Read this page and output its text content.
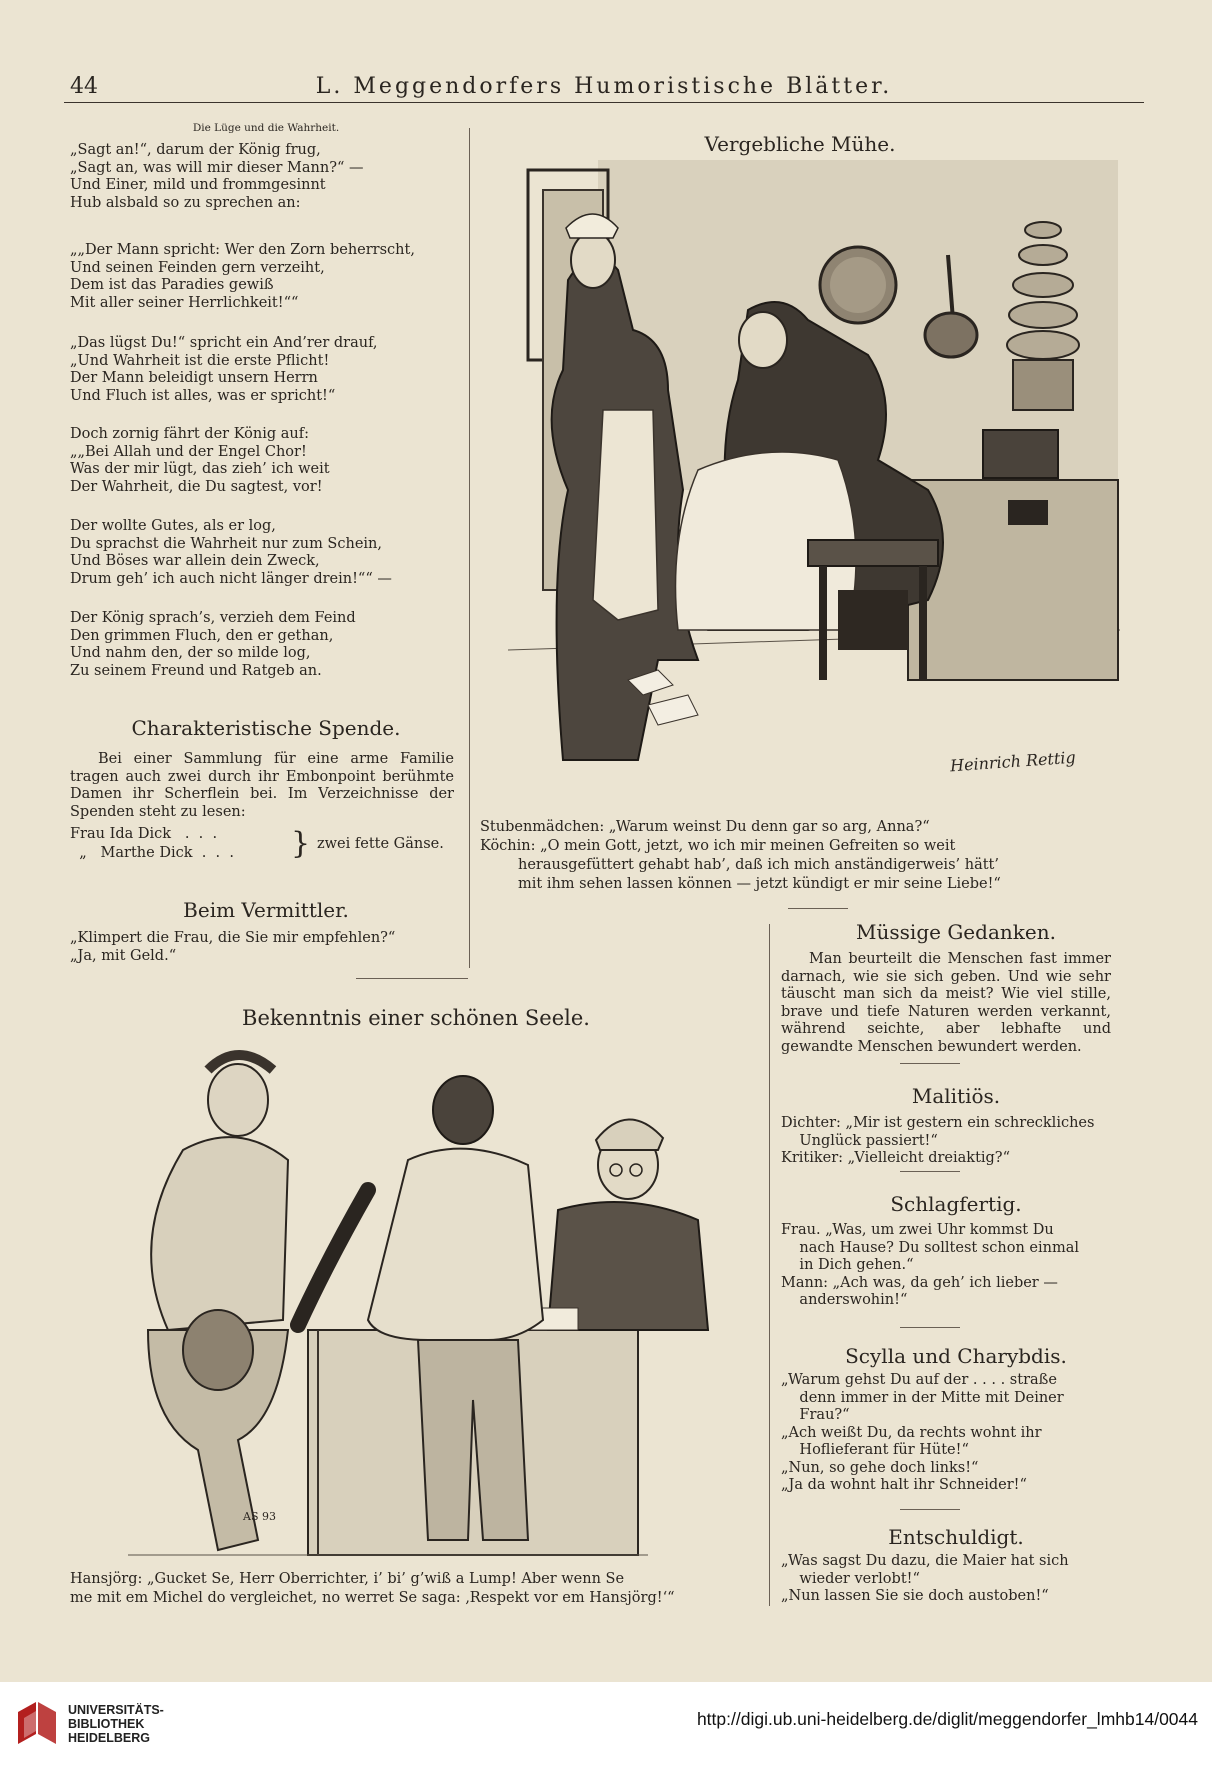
44	L. Meggendorfers Humoristische Blätter.
Die Lüge und die Wahrheit.
„Sagt an!“, darum der König frug,
„Sagt an, was will mir dieser Mann?“ —
Und Einer, mild und frommgesinnt
Hub alsbald so zu sprechen an:
„„Der Mann spricht: Wer den Zorn beherrscht,
Und seinen Feinden gern verzeiht,
Dem ist das Paradies gewiß
Mit aller seiner Herrlichkeit!““
„Das lügst Du!“ spricht ein And’rer drauf,
„Und Wahrheit ist die erste Pflicht!
Der Mann beleidigt unsern Herrn
Und Fluch ist alles, was er spricht!“
Doch zornig fährt der König auf:
„„Bei Allah und der Engel Chor!
Was der mir lügt, das zieh’ ich weit
Der Wahrheit, die Du sagtest, vor!
Der wollte Gutes, als er log,
Du sprachst die Wahrheit nur zum Schein,
Und Böses war allein dein Zweck,
Drum geh’ ich auch nicht länger drein!““ —
Der König sprach’s, verzieh dem Feind
Den grimmen Fluch, den er gethan,
Und nahm den, der so milde log,
Zu seinem Freund und Ratgeb an.
Charakteristische Spende.
Bei einer Sammlung für eine arme Familie tragen auch zwei durch ihr Embonpoint berühmte Damen ihr Scherflein bei. Im Verzeichnisse der Spenden steht zu lesen:
Frau Ida Dick   .  .  .
„   Marthe Dick  .  .  . } zwei fette Gänse.
Beim Vermittler.
„Klimpert die Frau, die Sie mir empfehlen?“
„Ja, mit Geld.“
Vergebliche Mühe.
Heinrich Rettig
Stubenmädchen: „Warum weinst Du denn gar so arg, Anna?“
Köchin: „O mein Gott, jetzt, wo ich mir meinen Gefreiten so weit
herausgefüttert gehabt hab’, daß ich mich anständigerweis’ hätt’
mit ihm sehen lassen können — jetzt kündigt er mir seine Liebe!“
Müssige Gedanken.
Man beurteilt die Menschen fast immer darnach, wie sie sich geben. Und wie sehr täuscht man sich da meist? Wie viel stille, brave und tiefe Naturen werden verkannt, während seichte, aber lebhafte und gewandte Menschen bewundert werden.
Malitiös.
Dichter: „Mir ist gestern ein schreckliches
Unglück passiert!“
Kritiker: „Vielleicht dreiaktig?“
Schlagfertig.
Frau. „Was, um zwei Uhr kommst Du
nach Hause? Du solltest schon einmal
in Dich gehen.“
Mann: „Ach was, da geh’ ich lieber —
anderswohin!“
Scylla und Charybdis.
„Warum gehst Du auf der . . . . straße
denn immer in der Mitte mit Deiner
Frau?“
„Ach weißt Du, da rechts wohnt ihr
Hoflieferant für Hüte!“
„Nun, so gehe doch links!“
„Ja da wohnt halt ihr Schneider!“
Entschuldigt.
„Was sagst Du dazu, die Maier hat sich
wieder verlobt!“
„Nun lassen Sie sie doch austoben!“
Bekenntnis einer schönen Seele.
AS 93
Hansjörg: „Gucket Se, Herr Oberrichter, i’ bi’ g’wiß a Lump! Aber wenn Se
me mit em Michel do vergleichet, no werret Se saga: ‚Respekt vor em Hansjörg!‘“
UNIVERSITÄTS-
BIBLIOTHEK
HEIDELBERG
http://digi.ub.uni-heidelberg.de/diglit/meggendorfer_lmhb14/0044
